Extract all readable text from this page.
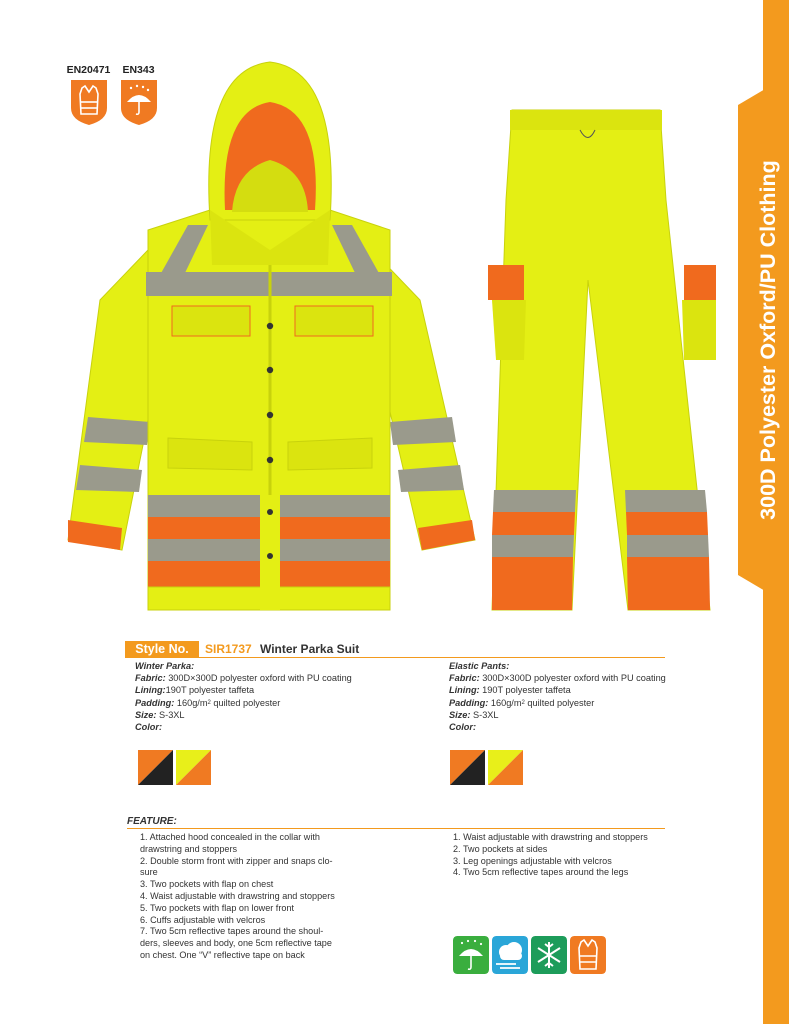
300D Polyester Oxford/PU Clothing
EN20471	EN343
Style No.	SIR1737 Winter Parka Suit
Winter Parka:
Fabric: 300D×300D polyester oxford with PU coating
Lining:190T polyester taffeta
Padding: $160g/m^2$ quilted polyester
Size: S-3XL
Color:
Elastic Pants:
Fabric: 300D×300D polyester oxford with PU coating
Lining: 190T polyester taffeta
Padding: $160g/m^2$ quilted polyester
Size: S-3XL
Color:
FEATURE:
1. Attached hood concealed in the collar with
drawstring and stoppers
2. Double storm front with zipper and snaps clo-
sure
3. Two pockets with flap on chest
4. Waist adjustable with drawstring and stoppers
5. Two pockets with flap on lower front
6. Cuffs adjustable with velcros
7. Two 5cm reflective tapes around the shoul-
ders, sleeves and body, one 5cm reflective tape
on chest. One “V” reflective tape on back
1. Waist adjustable with drawstring and stoppers
2. Two pockets at sides
3. Leg openings adjustable with velcros
4. Two 5cm reflective tapes around the legs
